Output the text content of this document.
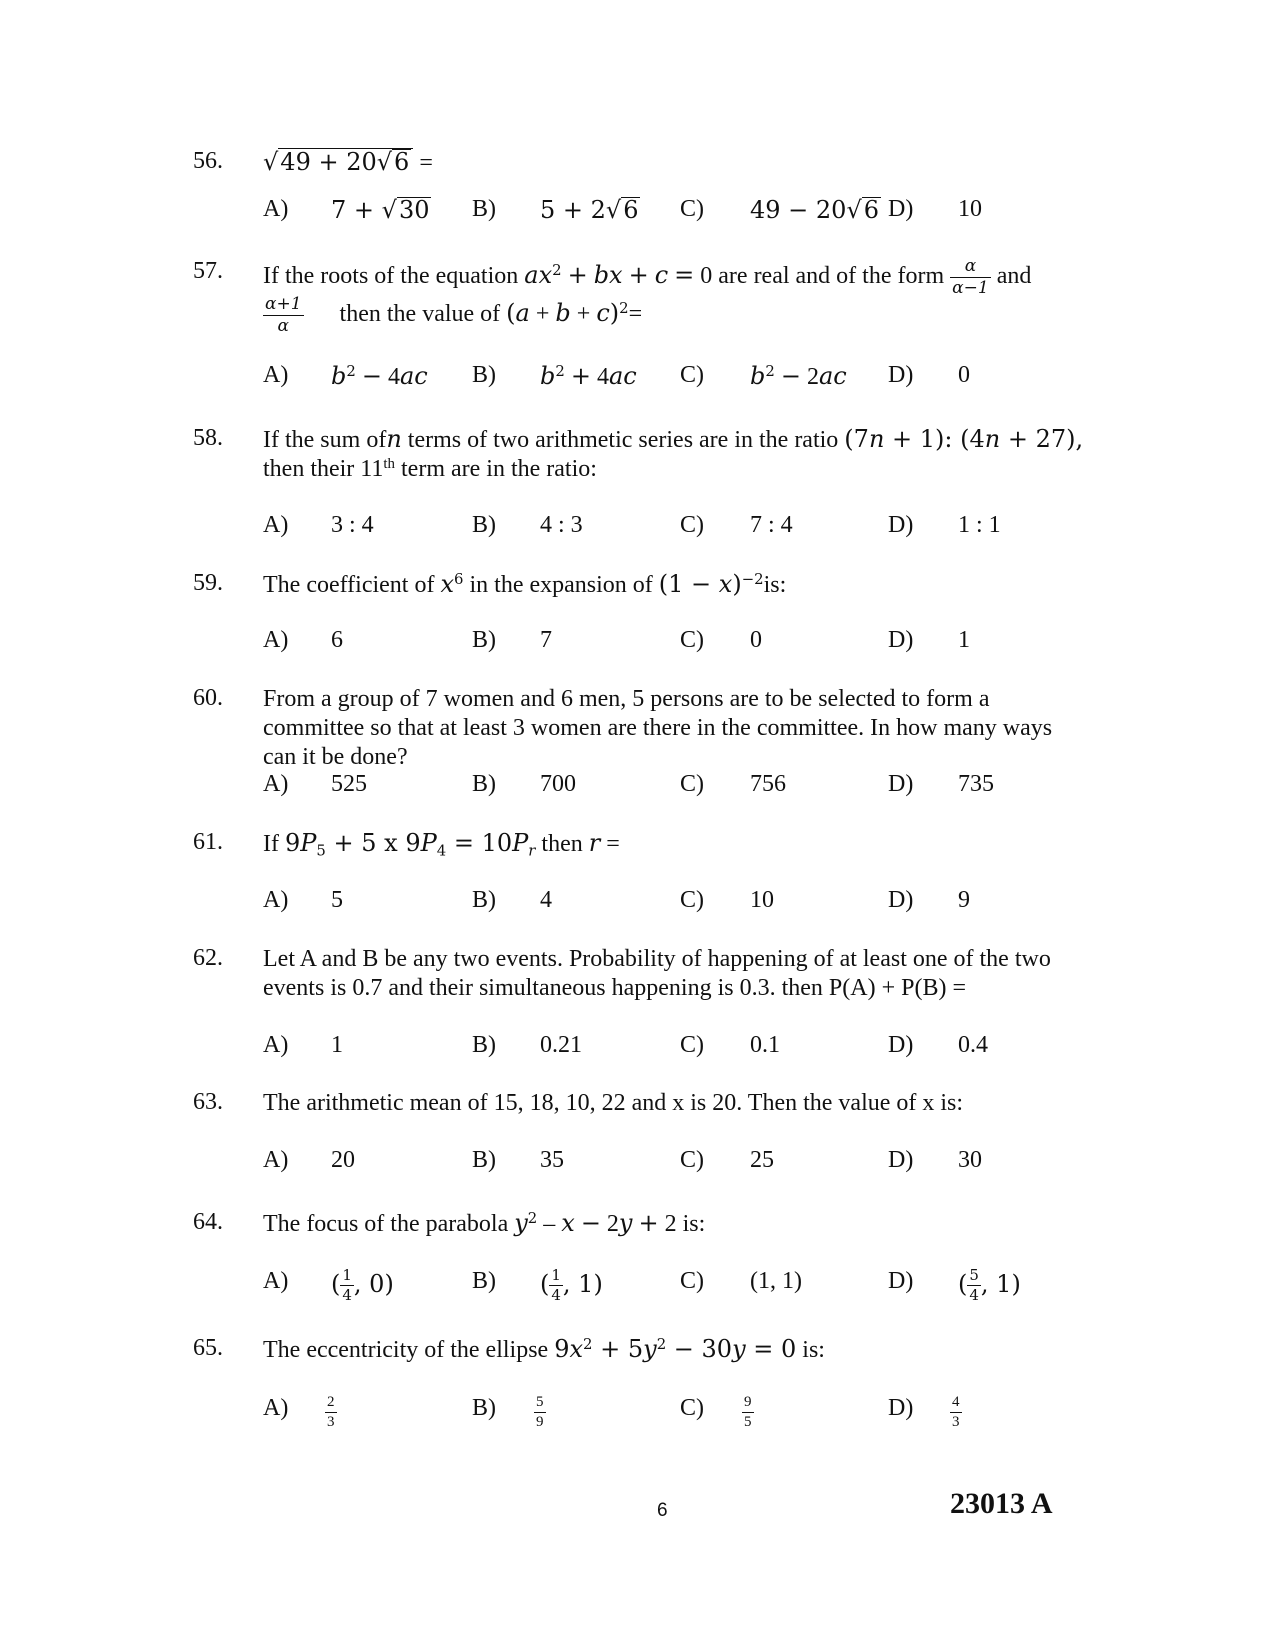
56. √49 + 20√6 =
A) 7 + √30 B) 5 + 2√6 C) 49 − 20√6 D) 10
57. If the roots of the equation $ax^2$ + bx + c = 0 are real and of the form $\frac{\alpha}{\alpha-1}$ and
$\frac{\alpha+1}{\alpha}$ then the value of $(a + b + c)^2=$
A) $b^2 - 4ac$ B) $b^2 + 4ac$ C) $b^2 - 2ac$ D) 0
58. If the sum ofn terms of two arithmetic series are in the ratio (7n + 1): (4n + 27),
then their 11th term are in the ratio:
A) 3 : 4	B) 4 : 3	C) 7 : 4	D) 1 : 1
59. The coefficient of $x^6$ in the expansion of $(1 - x)^{-2}is$:
A) 6	B) 7	C) 0	D) 1
60. From a group of 7 women and 6 men, 5 persons are to be selected to form a committee so that at least 3 women are there in the committee. In how many ways can it be done?
A) 525	B) 700	C) 756	D) 735
61. If $9P_5 + 5$ x $9P_4 = 10P_r$ then r =
A) 5	B) 4	C) 10	D) 9
62. Let A and B be any two events. Probability of happening of at least one of the two events is 0.7 and their simultaneous happening is 0.3. then P(A) + P(B) =
A) 1	B) 0.21	C) 0.1	D) 0.4
63. The arithmetic mean of 15, 18, 10, 22 and x is 20. Then the value of x is:
A) 20	B) 35	C) 25	D) 30
64. The focus of the parabola $y^2 - x - 2y + 2$ is:
A) ( $\frac{1}{4}$ , 0)	B) ( $\frac{1}{4}$ , 1)	C) (1, 1)	D) ( $\frac{5}{4}$ , 1)
65. The eccentricity of the ellipse $9x^2 + 5y^2 - 30y = 0$ is:
$A) \frac{2}{3}$	B)	$\frac{5}{9}$	C)	$\frac{9}{5}$	$D) \frac{4}{3}$
6	23013 A
